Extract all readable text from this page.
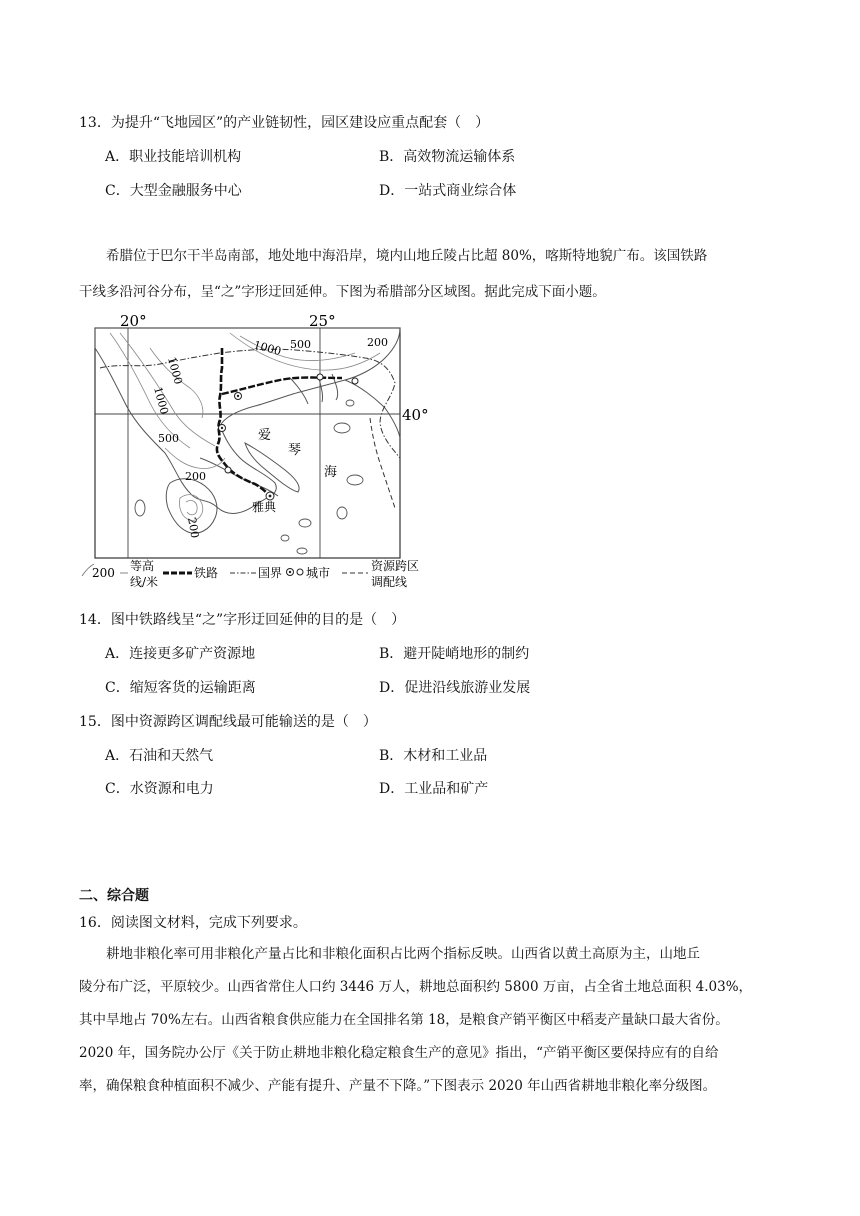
13．为提升“飞地园区”的产业链韧性，园区建设应重点配套（　）
A．职业技能培训机构	B．高效物流运输体系
C．大型金融服务中心	D．一站式商业综合体
希腊位于巴尔干半岛南部，地处地中海沿岸，境内山地丘陵占比超 80%，喀斯特地貌广布。该国铁路
干线多沿河谷分布，呈“之”字形迂回延伸。下图为希腊部分区域图。据此完成下面小题。
20°	25°
40°
1000
1000
1000
500	200
500
200
200
爱
琴
海
雅典
200 等高
线/米
铁路	国界 城市	资源跨区
调配线
14．图中铁路线呈“之”字形迂回延伸的目的是（　）
A．连接更多矿产资源地	B．避开陡峭地形的制约
C．缩短客货的运输距离	D．促进沿线旅游业发展
15．图中资源跨区调配线最可能输送的是（　）
A．石油和天然气	B．木材和工业品
C．水资源和电力	D．工业品和矿产
二、综合题
16．阅读图文材料，完成下列要求。
耕地非粮化率可用非粮化产量占比和非粮化面积占比两个指标反映。山西省以黄土高原为主，山地丘
陵分布广泛，平原较少。山西省常住人口约 3446 万人，耕地总面积约 5800 万亩，占全省土地总面积 4.03%，
其中旱地占 70%左右。山西省粮食供应能力在全国排名第 18，是粮食产销平衡区中稻麦产量缺口最大省份。
2020 年，国务院办公厅《关于防止耕地非粮化稳定粮食生产的意见》指出，“产销平衡区要保持应有的自给
率，确保粮食种植面积不减少、产能有提升、产量不下降。”下图表示 2020 年山西省耕地非粮化率分级图。
